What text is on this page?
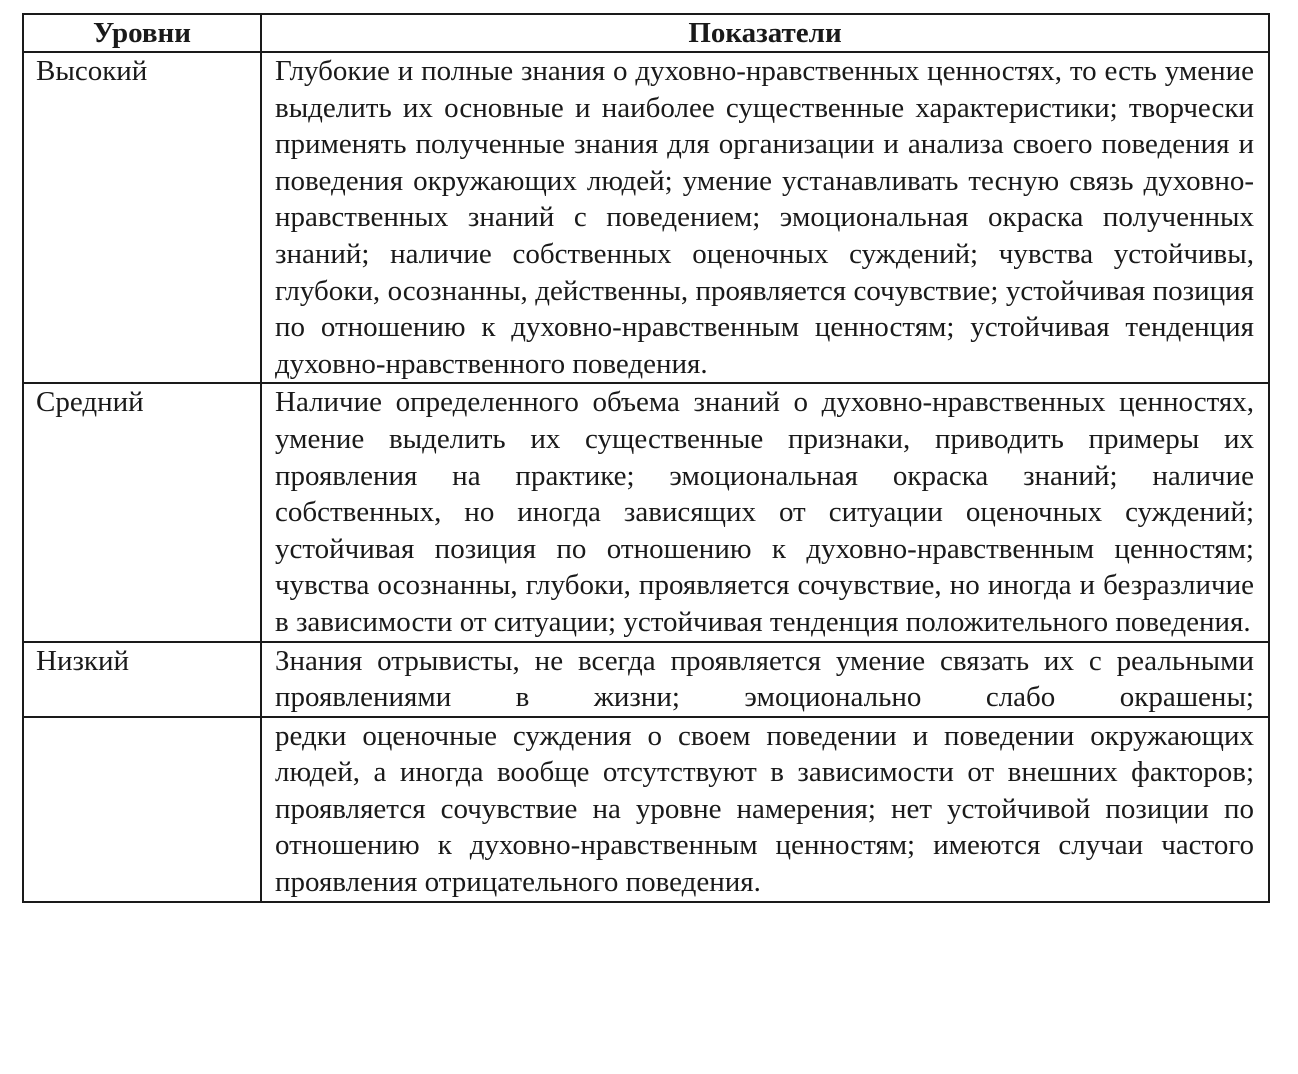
Уровни	Показатели
Высокий	Глубокие и полные знания о духовно-нравственных ценностях, то есть умение выделить их основные и наиболее существенные характеристики; творчески применять полученные знания для организации и анализа своего поведения и поведения окружающих людей; умение устанавливать тесную связь духовно-нравственных знаний с поведением; эмоциональная окраска полученных знаний; наличие собственных оценочных суждений; чувства устойчивы, глубоки, осознанны, действенны, проявляется сочувствие; устойчивая позиция по отношению к духовно-нравственным ценностям; устойчивая тенденция духовно-нравственного поведения.

Средний	Наличие определенного объема знаний о духовно-нравственных ценностях, умение выделить их существенные признаки, приводить примеры их проявления на практике; эмоциональная окраска знаний; наличие собственных, но иногда зависящих от ситуации оценочных суждений; устойчивая позиция по отношению к духовно-нравственным ценностям; чувства осознанны, глубоки, проявляется сочувствие, но иногда и безразличие в зависимости от ситуации; устойчивая тенденция положительного поведения.

Низкий	Знания отрывисты, не всегда проявляется умение связать их с реальными проявлениями в жизни; эмоционально слабо окрашены;

	редки оценочные суждения о своем поведении и поведении окружающих людей, а иногда вообще отсутствуют в зависимости от внешних факторов; проявляется сочувствие на уровне намерения; нет устойчивой позиции по отношению к духовно-нравственным ценностям; имеются случаи частого проявления отрицательного поведения.
